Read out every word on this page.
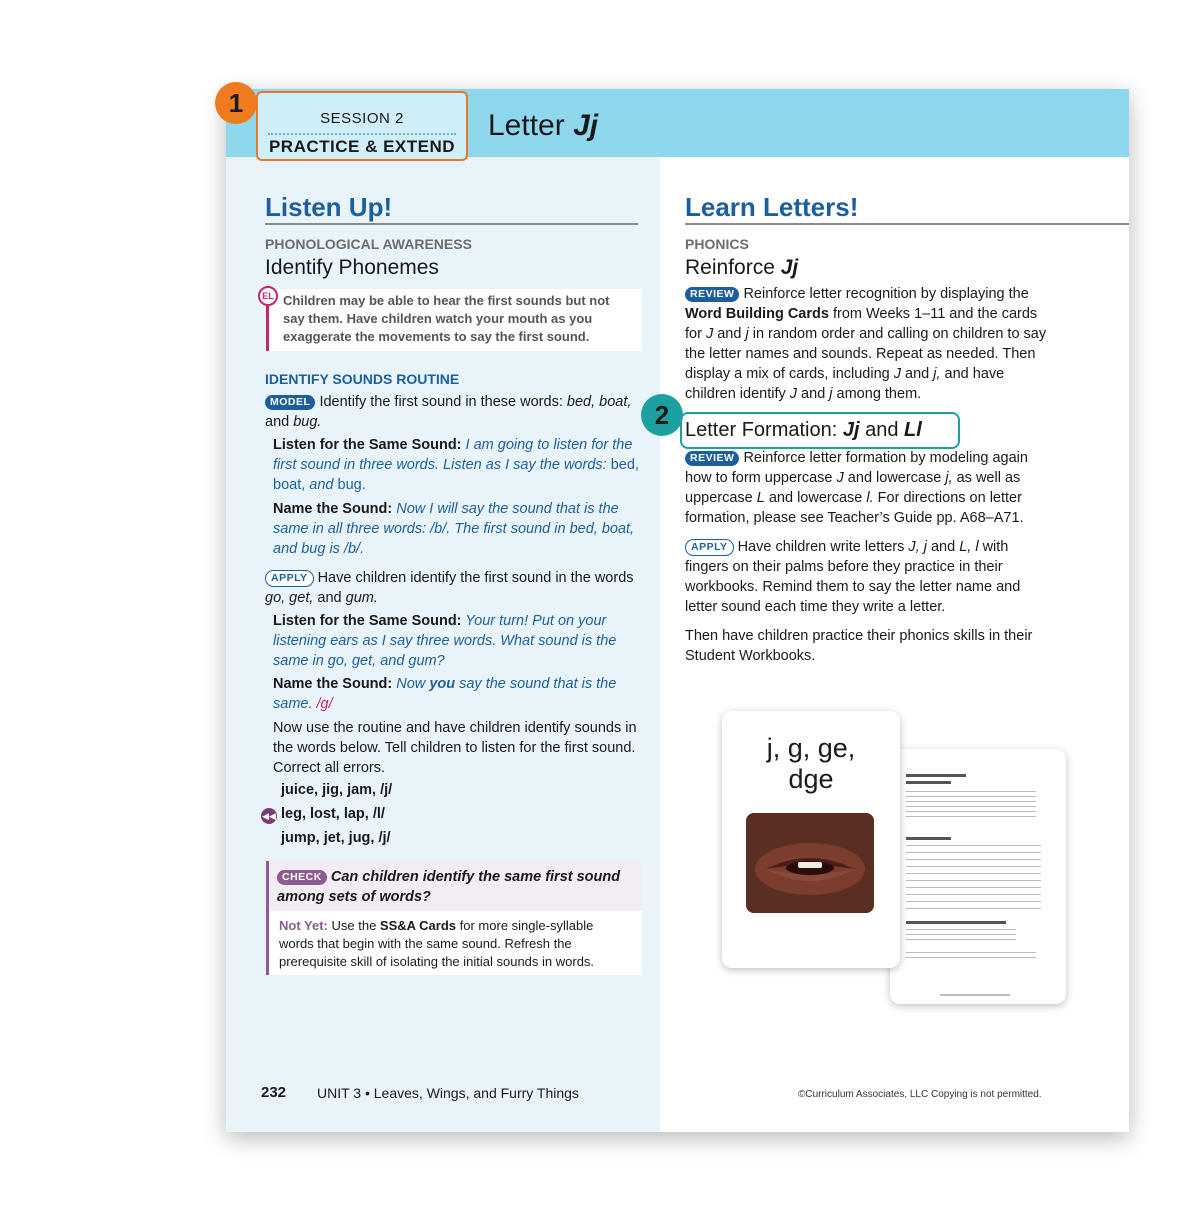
SESSION 2
PRACTICE & EXTEND
Letter Jj
Listen Up!
PHONOLOGICAL AWARENESS
Identify Phonemes
Children may be able to hear the first sounds but not say them. Have children watch your mouth as you exaggerate the movements to say the first sound.
EL
IDENTIFY SOUNDS ROUTINE
MODEL Identify the first sound in these words: bed, boat, and bug.
Listen for the Same Sound: I am going to listen for the first sound in three words. Listen as I say the words: bed, boat, and bug.
Name the Sound: Now I will say the sound that is the same in all three words: /b/. The first sound in bed, boat, and bug is /b/.
APPLY Have children identify the first sound in the words go, get, and gum.
Listen for the Same Sound: Your turn! Put on your listening ears as I say three words. What sound is the same in go, get, and gum?
Name the Sound: Now you say the sound that is the same. /g/
Now use the routine and have children identify sounds in the words below. Tell children to listen for the first sound. Correct all errors.
juice, jig, jam, /j/
◀◀ leg, lost, lap, /l/
jump, jet, jug, /j/
CHECK Can children identify the same first sound among sets of words?
Not Yet: Use the SS&A Cards for more single-syllable words that begin with the same sound. Refresh the prerequisite skill of isolating the initial sounds in words.
232 UNIT 3 • Leaves, Wings, and Furry Things
Learn Letters!
PHONICS
Reinforce Jj
REVIEW Reinforce letter recognition by displaying the Word Building Cards from Weeks 1–11 and the cards for J and j in random order and calling on children to say the letter names and sounds. Repeat as needed. Then display a mix of cards, including J and j, and have children identify J and j among them.
Letter Formation: Jj and Ll
REVIEW Reinforce letter formation by modeling again how to form uppercase J and lowercase j, as well as uppercase L and lowercase l. For directions on letter formation, please see Teacher’s Guide pp. A68–A71.
APPLY Have children write letters J, j and L, l with fingers on their palms before they practice in their workbooks. Remind them to say the letter name and letter sound each time they write a letter.
Then have children practice their phonics skills in their Student Workbooks.
j, g, ge,
dge
©Curriculum Associates, LLC Copying is not permitted.
1
2
